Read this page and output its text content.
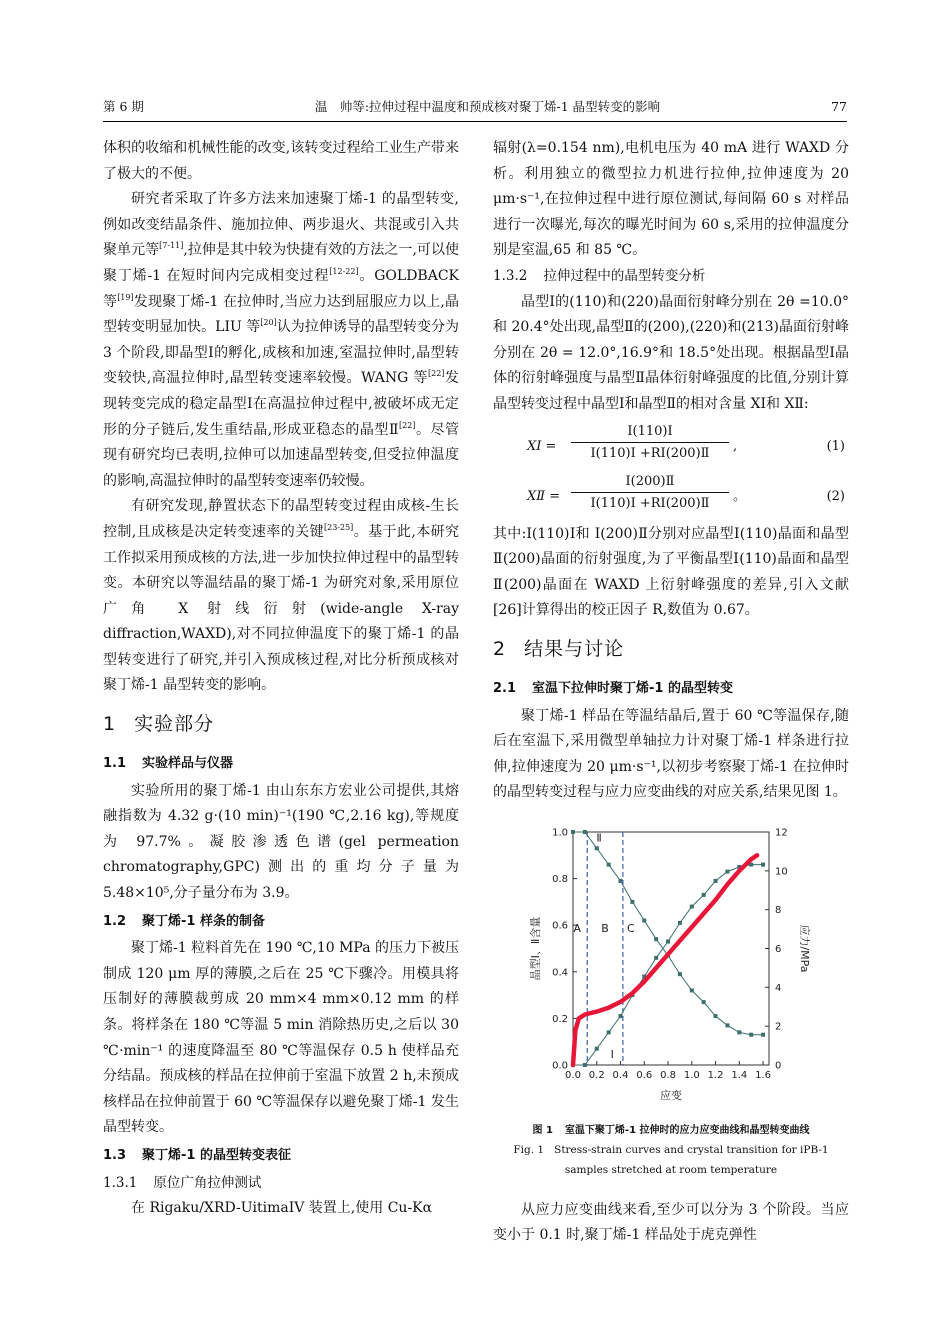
第 6 期	温　帅等:拉伸过程中温度和预成核对聚丁烯-1 晶型转变的影响	77

体积的收缩和机械性能的改变,该转变过程给工业生产带来了极大的不便。

研究者采取了许多方法来加速聚丁烯-1 的晶型转变,例如改变结晶条件、施加拉伸、两步退火、共混或引入共聚单元等[7-11],拉伸是其中较为快捷有效的方法之一,可以使聚丁烯-1 在短时间内完成相变过程[12-22]。GOLDBACK 等[19]发现聚丁烯-1 在拉伸时,当应力达到屈服应力以上,晶型转变明显加快。LIU 等[20]认为拉伸诱导的晶型转变分为 3 个阶段,即晶型Ⅰ的孵化,成核和加速,室温拉伸时,晶型转变较快,高温拉伸时,晶型转变速率较慢。WANG 等[22]发现转变完成的稳定晶型Ⅰ在高温拉伸过程中,被破坏成无定形的分子链后,发生重结晶,形成亚稳态的晶型Ⅱ[22]。尽管现有研究均已表明,拉伸可以加速晶型转变,但受拉伸温度的影响,高温拉伸时的晶型转变速率仍较慢。

有研究发现,静置状态下的晶型转变过程由成核-生长控制,且成核是决定转变速率的关键[23-25]。基于此,本研究工作拟采用预成核的方法,进一步加快拉伸过程中的晶型转变。本研究以等温结晶的聚丁烯-1 为研究对象,采用原位广角 X 射线衍射(wide-angle X-ray diffraction,WAXD),对不同拉伸温度下的聚丁烯-1 的晶型转变进行了研究,并引入预成核过程,对比分析预成核对聚丁烯-1 晶型转变的影响。

1 实验部分
1.1 实验样品与仪器

实验所用的聚丁烯-1 由山东东方宏业公司提供,其熔融指数为 4.32 g·(10 min)⁻¹(190 ℃,2.16 kg),等规度为 97.7%。凝胶渗透色谱(gel permeation chromatography,GPC)测出的重均分子量为 5.48×10⁵,分子量分布为 3.9。

1.2 聚丁烯-1 样条的制备

聚丁烯-1 粒料首先在 190 ℃,10 MPa 的压力下被压制成 120 μm 厚的薄膜,之后在 25 ℃下骤冷。用模具将压制好的薄膜裁剪成 20 mm×4 mm×0.12 mm 的样条。将样条在 180 ℃等温 5 min 消除热历史,之后以 30 ℃·min⁻¹ 的速度降温至 80 ℃等温保存 0.5 h 使样品充分结晶。预成核的样品在拉伸前于室温下放置 2 h,未预成核样品在拉伸前置于 60 ℃等温保存以避免聚丁烯-1 发生晶型转变。

1.3 聚丁烯-1 的晶型转变表征
1.3.1 原位广角拉伸测试

在 Rigaku/XRD-UitimaIV 装置上,使用 Cu-Kα

辐射(λ=0.154 nm),电机电压为 40 mA 进行 WAXD 分析。利用独立的微型拉力机进行拉伸,拉伸速度为 20 μm·s⁻¹,在拉伸过程中进行原位测试,每间隔 60 s 对样品进行一次曝光,每次的曝光时间为 60 s,采用的拉伸温度分别是室温,65 和 85 ℃。

1.3.2 拉伸过程中的晶型转变分析

晶型Ⅰ的(110)和(220)晶面衍射峰分别在 2θ =10.0°和 20.4°处出现,晶型Ⅱ的(200),(220)和(213)晶面衍射峰分别在 2θ = 12.0°,16.9°和 18.5°处出现。根据晶型Ⅰ晶体的衍射峰强度与晶型Ⅱ晶体衍射峰强度的比值,分别计算晶型转变过程中晶型Ⅰ和晶型Ⅱ的相对含量 XⅠ和 XⅡ:

XⅠ = $\frac{\text{I(110)Ⅰ}}{\text{I(110)Ⅰ +RI(200)Ⅱ}}$ ,	(1)
XⅡ = $\frac{\text{I(200)Ⅱ}}{\text{I(110)Ⅰ +RI(200)Ⅱ}}$ 。	(2)

其中:I(110)Ⅰ和 I(200)Ⅱ分别对应晶型Ⅰ(110)晶面和晶型Ⅱ(200)晶面的衍射强度,为了平衡晶型Ⅰ(110)晶面和晶型Ⅱ(200)晶面在 WAXD 上衍射峰强度的差异,引入文献[26]计算得出的校正因子 R,数值为 0.67。

2 结果与讨论
2.1 室温下拉伸时聚丁烯-1 的晶型转变

聚丁烯-1 样品在等温结晶后,置于 60 ℃等温保存,随后在室温下,采用微型单轴拉力计对聚丁烯-1 样条进行拉伸,拉伸速度为 20 μm·s⁻¹,以初步考察聚丁烯-1 在拉伸时的晶型转变过程与应力应变曲线的对应关系,结果见图 1。

0.0 0.2 0.4 0.6 0.8 1.0 1.2 1.4 1.6
0.0
0.2
0.4
0.6
0.8
1.0
0
2
4
6
8
10
12
A B C
Ⅱ
Ⅰ
应变
晶型Ⅰ、Ⅱ含量	应力/MPa
图 1 室温下聚丁烯-1 拉伸时的应力应变曲线和晶型转变曲线
Fig. 1 Stress-strain curves and crystal transition for iPB-1 samples stretched at room temperature

从应力应变曲线来看,至少可以分为 3 个阶段。当应变小于 0.1 时,聚丁烯-1 样品处于虎克弹性
